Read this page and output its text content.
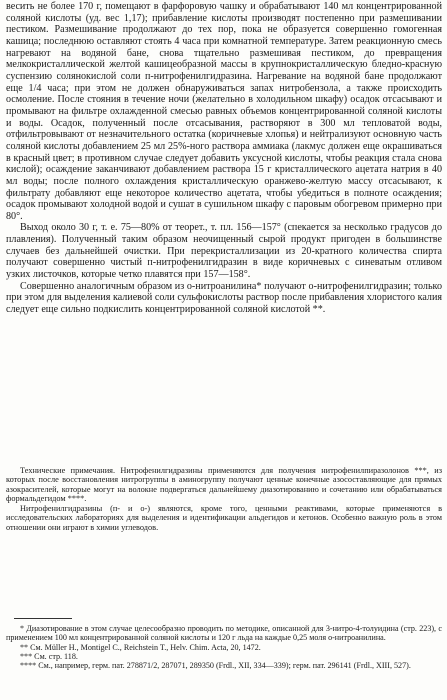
весить не более 170 г, помещают в фарфоровую чашку и обрабатывают 140 мл концентрированной соляной кислоты (уд. вес 1,17); прибавление кислоты производят постепенно при размешивании пестиком. Размешивание продолжают до тех пор, пока не образуется совершенно гомогенная кашица; последнюю оставляют стоять 4 часа при комнатной температуре. Затем реакционную смесь нагревают на водяной бане, снова тщательно размешивая пестиком, до превращения мелкокристаллической желтой кашицеобразной массы в крупнокристаллическую бледно-красную суспензию солянокислой соли п-нитрофенилгидразина. Нагревание на водяной бане продолжают еще 1/4 часа; при этом не должен обнаруживаться запах нитробензола, а также происходить осмоление. После стояния в течение ночи (желательно в холодильном шкафу) осадок отсасывают и промывают на фильтре охлажденной смесью равных объемов концентрированной соляной кислоты и воды. Осадок, полученный после отсасывания, растворяют в 300 мл тепловатой воды, отфильтровывают от незначительного остатка (коричневые хлопья) и нейтрализуют основную часть соляной кислоты добавлением 25 мл 25%-ного раствора аммиака (лакмус должен еще окрашиваться в красный цвет; в противном случае следует добавить уксусной кислоты, чтобы реакция стала снова кислой); осаждение заканчивают добавлением раствора 15 г кристаллического ацетата натрия в 40 мл воды; после полного охлаждения кристаллическую оранжево-желтую массу отсасывают, к фильтрату добавляют еще некоторое количество ацетата, чтобы убедиться в полноте осаждения; осадок промывают холодной водой и сушат в сушильном шкафу с паровым обогревом примерно при 80°.

Выход около 30 г, т. е. 75—80% от теорет., т. пл. 156—157° (спекается за несколько градусов до плавления). Полученный таким образом неочищенный сырой продукт пригоден в большинстве случаев без дальнейшей очистки. При перекристаллизации из 20-кратного количества спирта получают совершенно чистый п-нитрофенилгидразин в виде коричневых с синеватым отливом узких листочков, которые четко плавятся при 157—158°.

Совершенно аналогичным образом из о-нитроанилина* получают о-нитрофенилгидразин; только при этом для выделения калиевой соли сульфокислоты раствор после прибавления хлористого калия следует еще сильно подкислить концентрированной соляной кислотой **.

Технические примечания. Нитрофенилгидразины применяются для получения нитрофенилпиразолонов ***, из которых после восстановления нитрогруппы в аминогруппу получают ценные конечные азосоставляющие для прямых азокрасителей, которые могут на волокне подвергаться дальнейшему диазотированию и сочетанию или обрабатываться формальдегидом ****.

Нитрофенилгидразины (п- и о-) являются, кроме того, ценными реактивами, которые применяются в исследовательских лабораториях для выделения и идентификации альдегидов и кетонов. Особенно важную роль в этом отношении они играют в химии углеводов.

* Диазотирование в этом случае целесообразно проводить по методике, описанной для 3-нитро-4-толуидина (стр. 223), с применением 100 мл концентрированной соляной кислоты и 120 г льда на каждые 0,25 моля о-нитроанилина.

** См. Müller H., Montigel C., Reichstein T., Helv. Chim. Acta, 20, 1472.

*** См. стр. 118.

**** См., например, герм. пат. 278871/2, 287071, 289350 (Frdl., XII, 334—339); герм. пат. 296141 (Frdl., XIII, 527).
